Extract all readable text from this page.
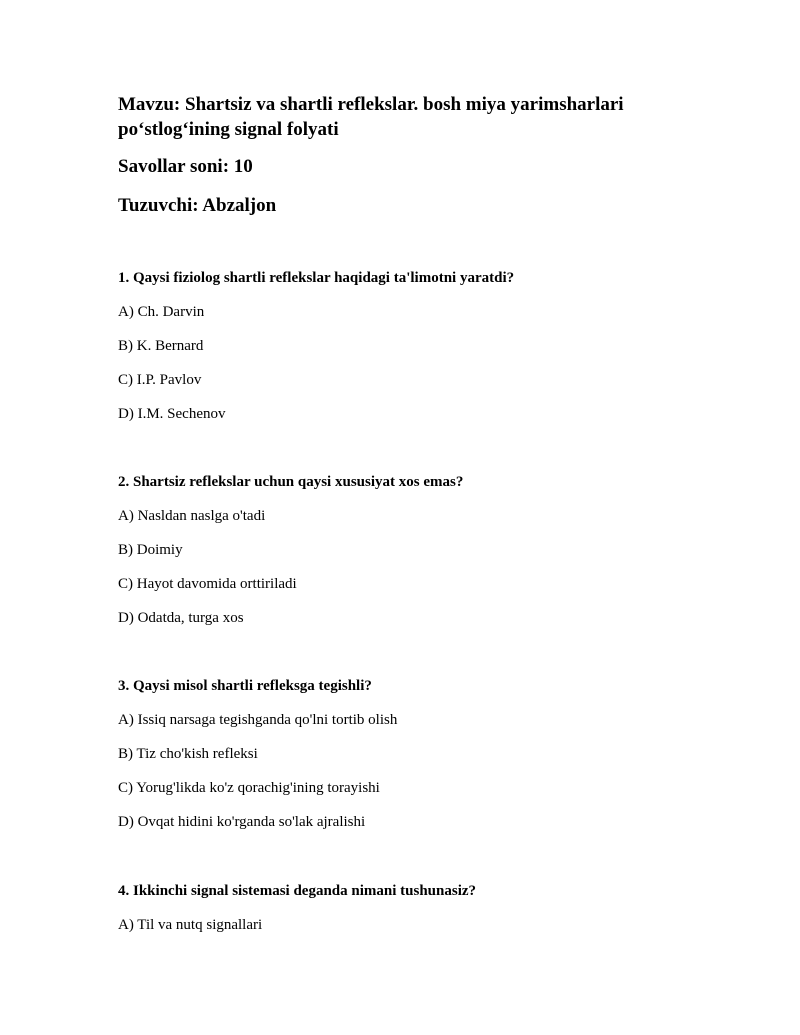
Mavzu: Shartsiz va shartli reflekslar. bosh miya yarimsharlari po‘stlog‘ining signal folyati

Savollar soni: 10

Tuzuvchi: Abzaljon

1. Qaysi fiziolog shartli reflekslar haqidagi ta'limotni yaratdi?

A) Ch. Darvin

B) K. Bernard

C) I.P. Pavlov

D) I.M. Sechenov

2. Shartsiz reflekslar uchun qaysi xususiyat xos emas?

A) Nasldan naslga o'tadi

B) Doimiy

C) Hayot davomida orttiriladi

D) Odatda, turga xos

3. Qaysi misol shartli refleksga tegishli?

A) Issiq narsaga tegishganda qo'lni tortib olish

B) Tiz cho'kish refleksi

C) Yorug'likda ko'z qorachig'ining torayishi

D) Ovqat hidini ko'rganda so'lak ajralishi

4. Ikkinchi signal sistemasi deganda nimani tushunasiz?

A) Til va nutq signallari
